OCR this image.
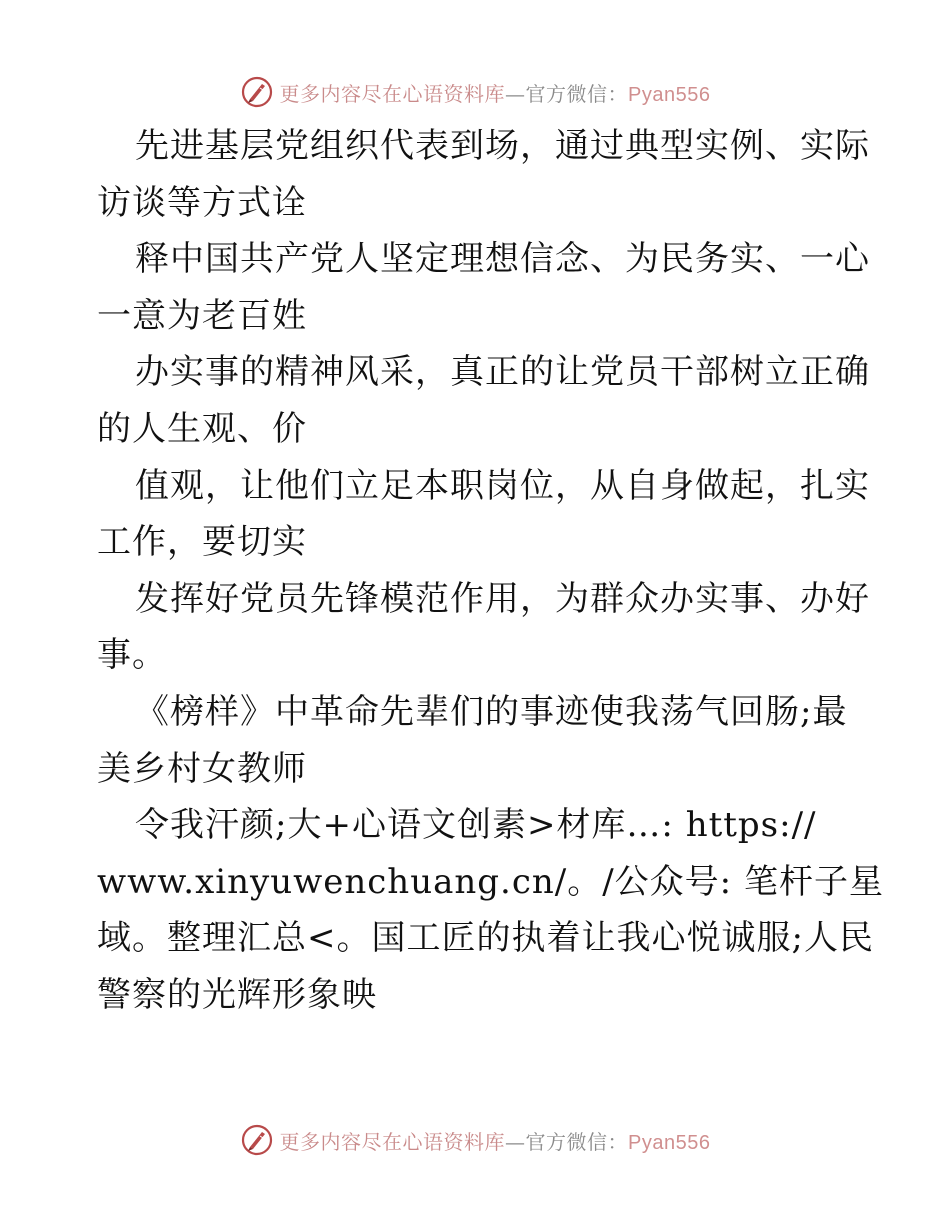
更多内容尽在心语资料库—官方微信：Pyan556
先进基层党组织代表到场，通过典型实例、实际
访谈等方式诠
释中国共产党人坚定理想信念、为民务实、一心
一意为老百姓
办实事的精神风采，真正的让党员干部树立正确
的人生观、价
值观，让他们立足本职岗位，从自身做起，扎实
工作，要切实
发挥好党员先锋模范作用，为群众办实事、办好
事。
《榜样》中革命先辈们的事迹使我荡气回肠;最
美乡村女教师
令我汗颜;大+心语文创素>材库…: https://
www.xinyuwenchuang.cn/。/公众号: 笔杆子星
域。整理汇总<。国工匠的执着让我心悦诚服;人民
警察的光辉形象映
更多内容尽在心语资料库—官方微信：Pyan556
